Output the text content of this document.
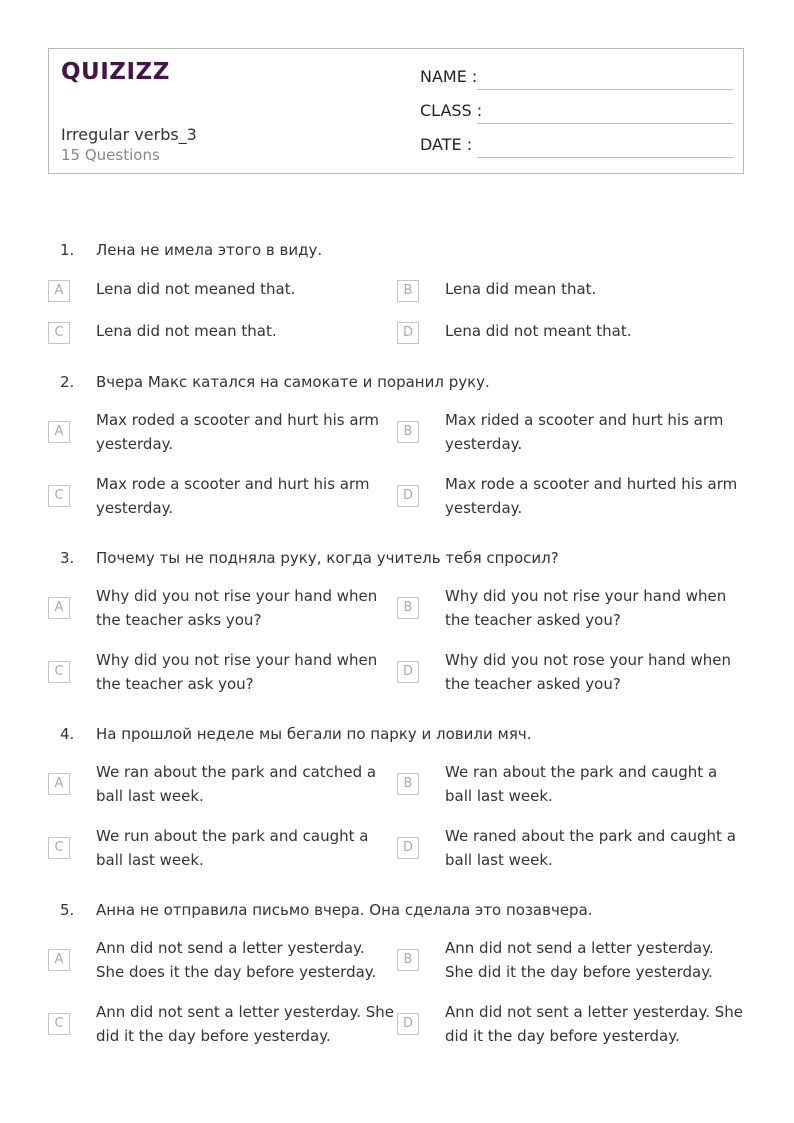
QUIZIZZ
Irregular verbs_3
15 Questions
NAME :
CLASS :
DATE :
1. Лена не имела этого в виду.
A	Lena did not meaned that.	B	Lena did mean that.
C	Lena did not mean that.	D	Lena did not meant that.
2. Вчера Макс катался на самокате и поранил руку.
A
Max roded a scooter and hurt his arm yesterday.
B
Max rided a scooter and hurt his arm yesterday.
C
Max rode a scooter and hurt his arm yesterday.
D
Max rode a scooter and hurted his arm yesterday.
3. Почему ты не подняла руку, когда учитель тебя спросил?
A
Why did you not rise your hand when the teacher asks you?
B
Why did you not rise your hand when the teacher asked you?
C
Why did you not rise your hand when the teacher ask you?
D
Why did you not rose your hand when the teacher asked you?
4. На прошлой неделе мы бегали по парку и ловили мяч.
A
We ran about the park and catched a ball last week.
B
We ran about the park and caught a ball last week.
C
We run about the park and caught a ball last week.
D
We raned about the park and caught a ball last week.
5. Анна не отправила письмо вчера. Она сделала это позавчера.
A
Ann did not send a letter yesterday. She does it the day before yesterday.
B
Ann did not send a letter yesterday. She did it the day before yesterday.
C
Ann did not sent a letter yesterday. She did it the day before yesterday.
D
Ann did not sent a letter yesterday. She did it the day before yesterday.
